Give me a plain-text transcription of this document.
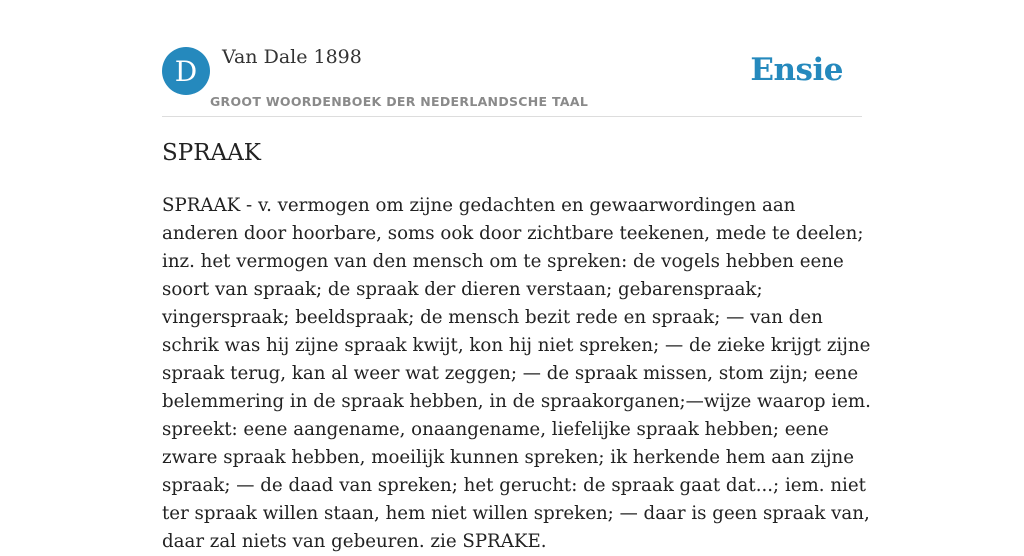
D	Van Dale 1898
GROOT WOORDENBOEK DER NEDERLANDSCHE TAAL
Ensie
SPRAAK

SPRAAK - v. vermogen om zijne gedachten en gewaarwordingen aan anderen door hoorbare, soms ook door zichtbare teekenen, mede te deelen; inz. het vermogen van den mensch om te spreken: de vogels hebben eene soort van spraak; de spraak der dieren verstaan; gebarenspraak; vingerspraak; beeldspraak; de mensch bezit rede en spraak; — van den schrik was hij zijne spraak kwijt, kon hij niet spreken; — de zieke krijgt zijne spraak terug, kan al weer wat zeggen; — de spraak missen, stom zijn; eene belemmering in de spraak hebben, in de spraakorganen;—wijze waarop iem. spreekt: eene aangename, onaangename, liefelijke spraak hebben; eene zware spraak hebben, moeilijk kunnen spreken; ik herkende hem aan zijne spraak; — de daad van spreken; het gerucht: de spraak gaat dat...; iem. niet ter spraak willen staan, hem niet willen spreken; — daar is geen spraak van, daar zal niets van gebeuren. zie SPRAKE.
